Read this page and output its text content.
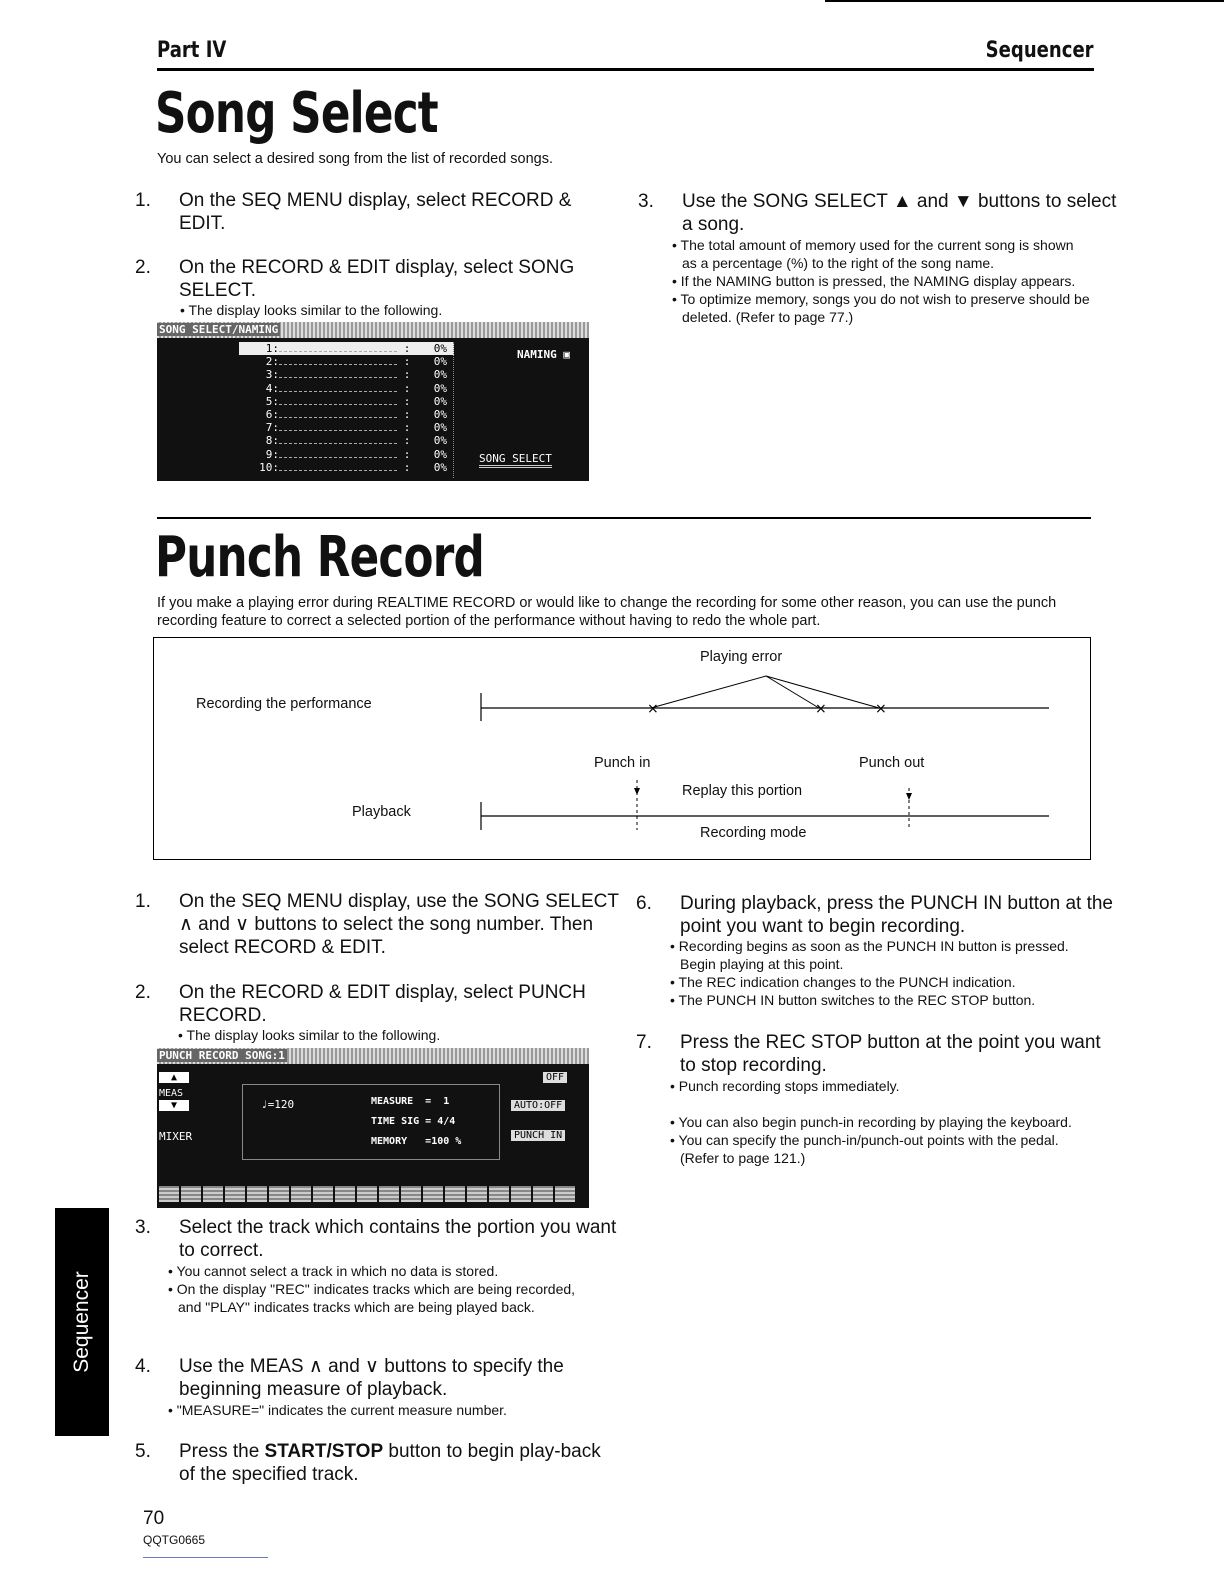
Part IV	Sequencer
Song Select
You can select a desired song from the list of recorded songs.
1. On the SEQ MENU display, select RECORD & EDIT.
2. On the RECORD & EDIT display, select SONG SELECT.
• The display looks similar to the following.
SONG SELECT/NAMING
1:	:	0%
2:	:	0%
3:	:	0%
4:	:	0%
5:	:	0%
6:	:	0%
7:	:	0%
8:	:	0%
9:	:	0%
10:	:	0%
NAMING ▣
SONG SELECT
3. Use the SONG SELECT ▲ and ▼ buttons to select a song.
• The total amount of memory used for the current song is shown as a percentage (%) to the right of the song name.
• If the NAMING button is pressed, the NAMING display appears.
• To optimize memory, songs you do not wish to preserve should be deleted. (Refer to page 77.)
Punch Record
If you make a playing error during REALTIME RECORD or would like to change the recording for some other reason, you can use the punch recording feature to correct a selected portion of the performance without having to redo the whole part.
Playing error
Recording the performance	×	×	×
Punch in	Punch out
Replay this portion
Playback
Recording mode
1. On the SEQ MENU display, use the SONG SELECT ∧ and ∨ buttons to select the song number. Then select RECORD & EDIT.
2. On the RECORD & EDIT display, select PUNCH RECORD.
• The display looks similar to the following.
PUNCH RECORD SONG:1
▲
MEAS
▼
MIXER
♩=120	MEASURE  =  1
TIME SIG = 4/4
MEMORY   =100 %
OFF
AUTO:OFF
PUNCH IN
3. Select the track which contains the portion you want to correct.
• You cannot select a track in which no data is stored.
• On the display "REC" indicates tracks which are being recorded, and "PLAY" indicates tracks which are being played back.
4. Use the MEAS ∧ and ∨ buttons to specify the beginning measure of playback.
• "MEASURE=" indicates the current measure number.
5. Press the START/STOP button to begin play-back of the specified track.
6. During playback, press the PUNCH IN button at the point you want to begin recording.
• Recording begins as soon as the PUNCH IN button is pressed. Begin playing at this point.
• The REC indication changes to the PUNCH indication.
• The PUNCH IN button switches to the REC STOP button.
7. Press the REC STOP button at the point you want to stop recording.
• Punch recording stops immediately.
• You can also begin punch-in recording by playing the keyboard.
• You can specify the punch-in/punch-out points with the pedal. (Refer to page 121.)
Sequencer
70
QQTG0665
